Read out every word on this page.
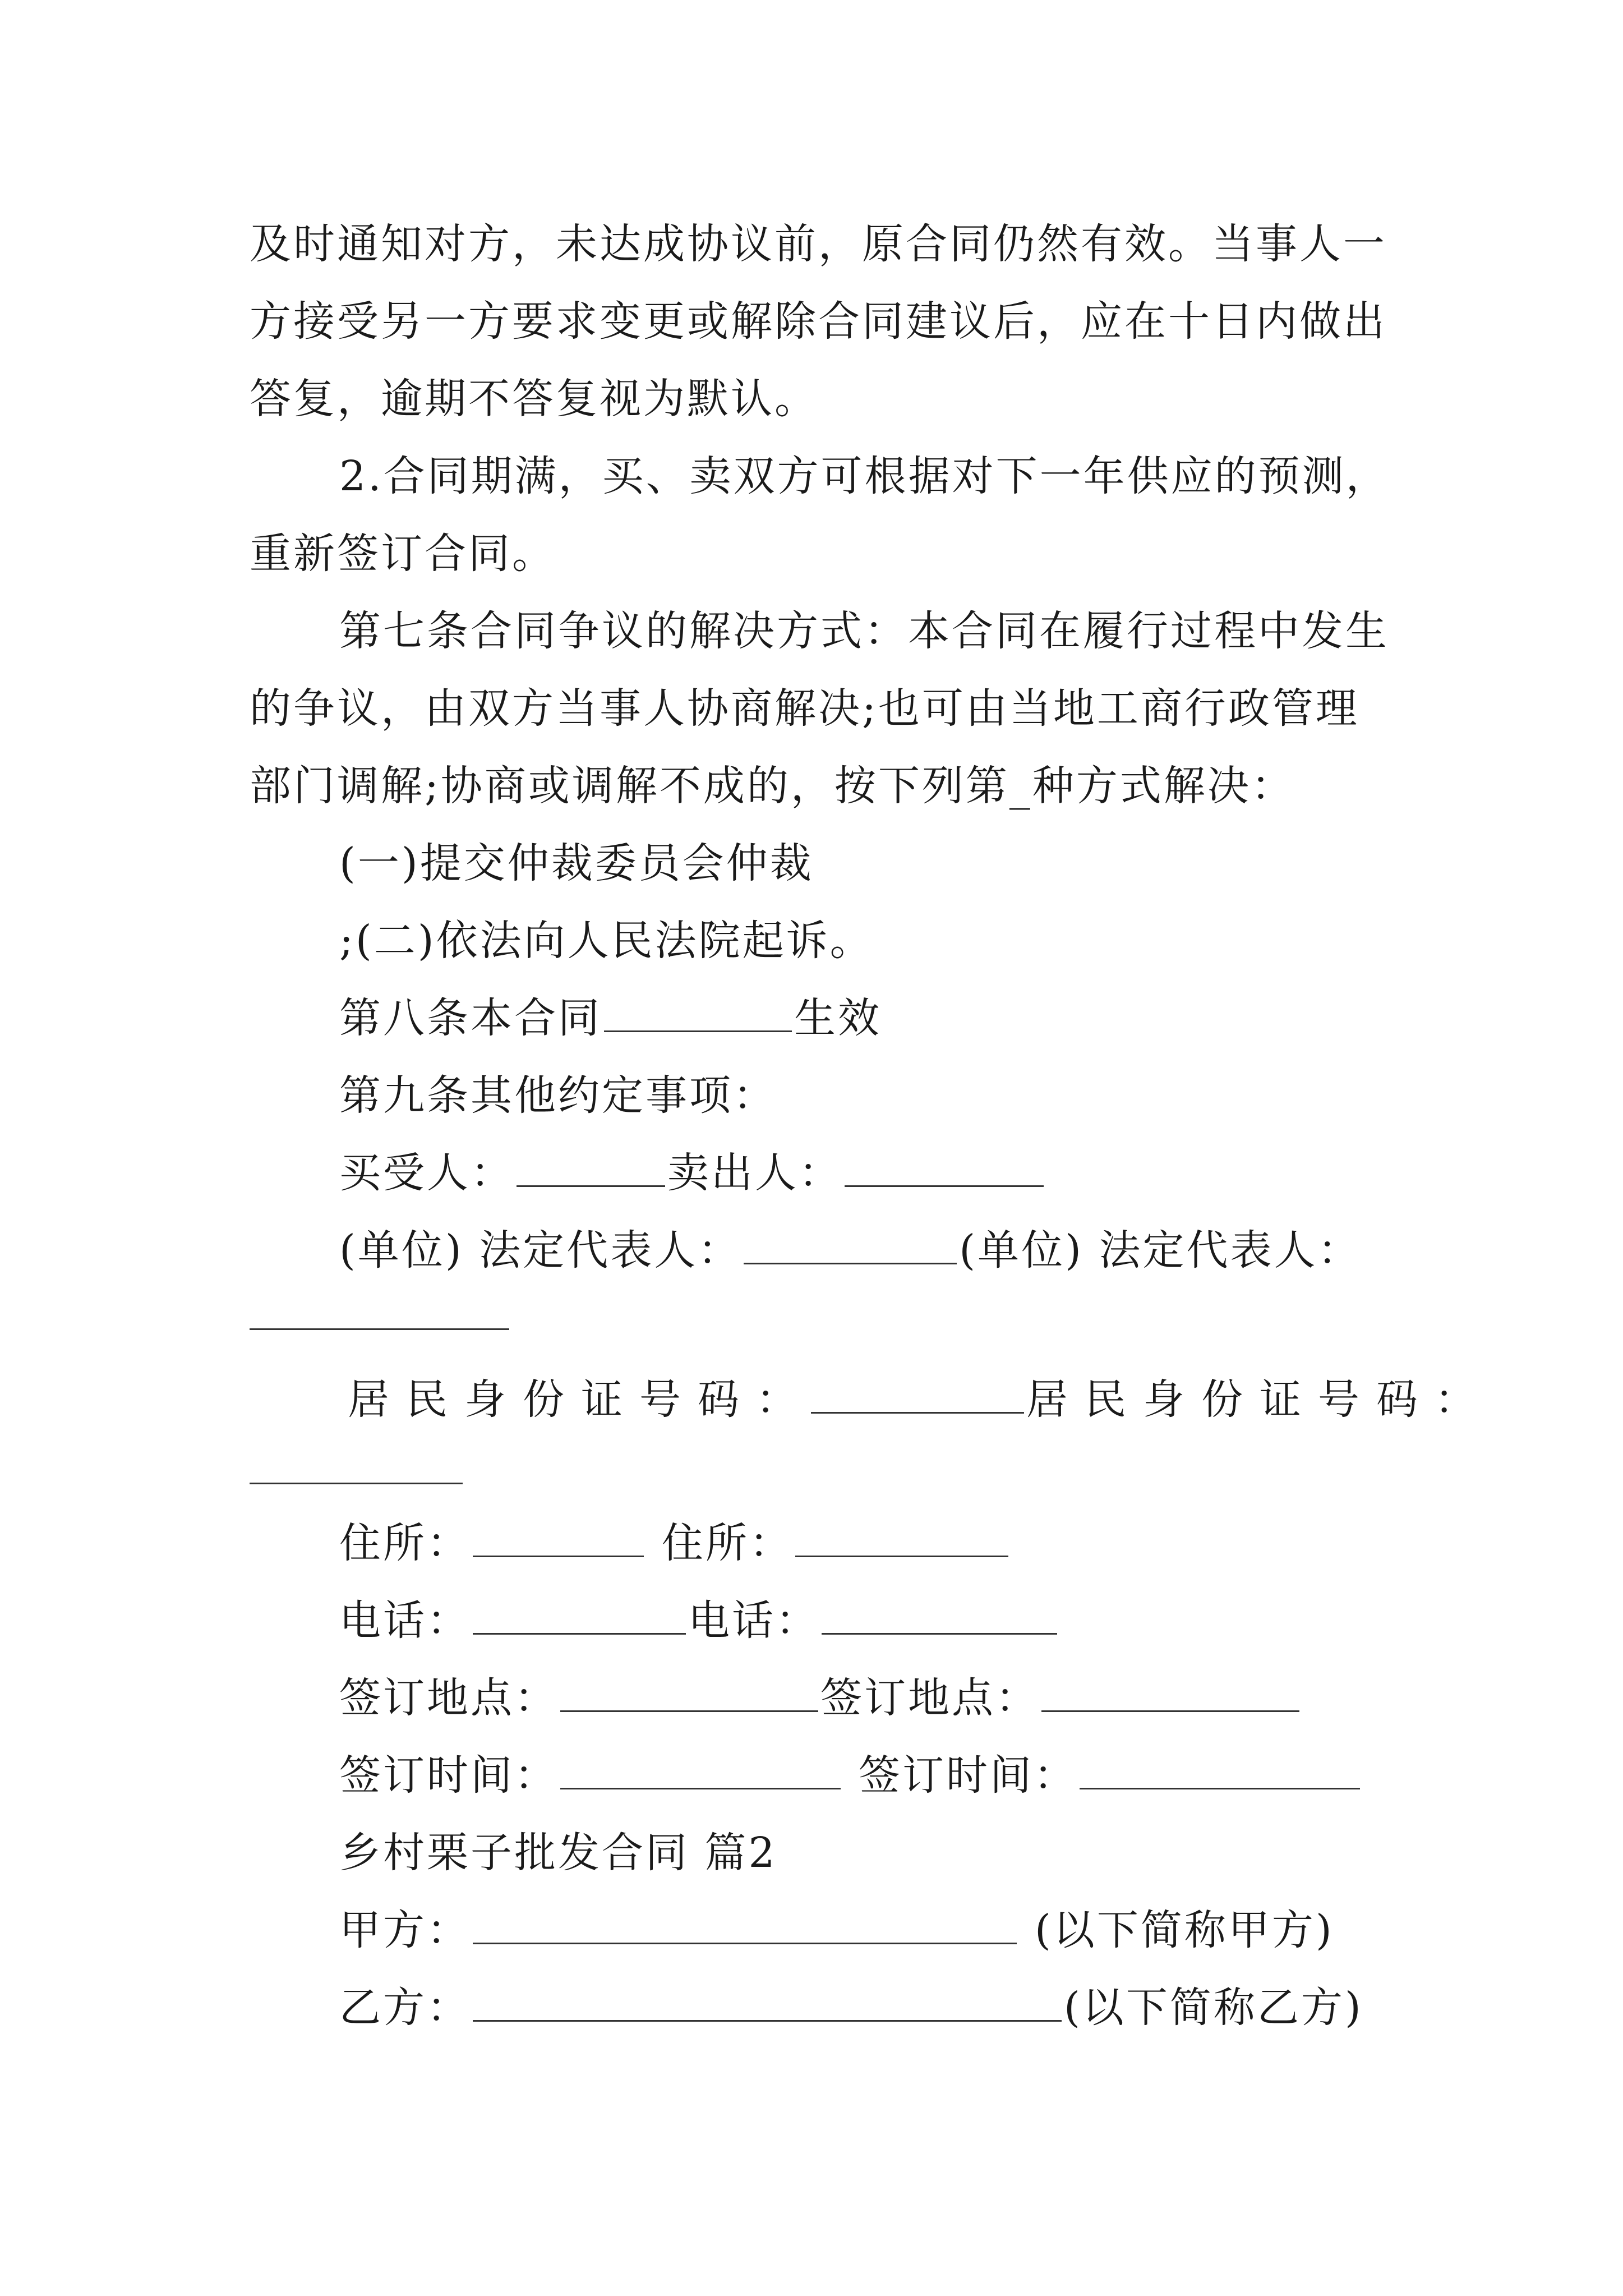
及时通知对方，未达成协议前，原合同仍然有效。当事人一
方接受另一方要求变更或解除合同建议后，应在十日内做出
答复，逾期不答复视为默认。
2.合同期满，买、卖双方可根据对下一年供应的预测，
重新签订合同。
第七条合同争议的解决方式：本合同在履行过程中发生
的争议，由双方当事人协商解决;也可由当地工商行政管理
部门调解;协商或调解不成的，按下列第_种方式解决：
(一)提交仲裁委员会仲裁
;(二)依法向人民法院起诉。
第八条本合同	生效
第九条其他约定事项：
买受人：	卖出人：
(单位) 法定代表人：	(单位) 法定代表人：
居民身份证号码：	居民身份证号码：
住所：	住所：
电话：	电话：
签订地点：	签订地点：
签订时间：	签订时间：
乡村栗子批发合同 篇2
甲方：	(以下简称甲方)
乙方：	(以下简称乙方)
